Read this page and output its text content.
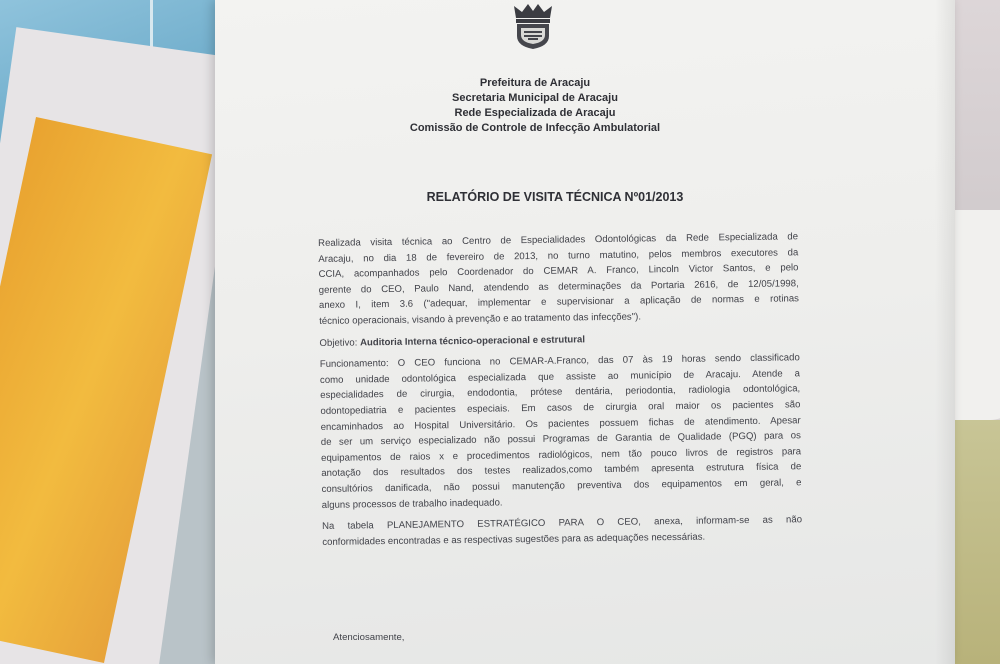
Prefeitura de Aracaju
Secretaria Municipal de Aracaju
Rede Especializada de Aracaju
Comissão de Controle de Infecção Ambulatorial
RELATÓRIO DE VISITA TÉCNICA Nº01/2013
Realizada visita técnica ao Centro de Especialidades Odontológicas da Rede Especializada de
Aracaju, no dia 18 de fevereiro de 2013, no turno matutino, pelos membros executores da
CCIA, acompanhados pelo Coordenador do CEMAR A. Franco, Lincoln Victor Santos, e pelo
gerente do CEO, Paulo Nand, atendendo as determinações da Portaria 2616, de 12/05/1998,
anexo I, item 3.6 ("adequar, implementar e supervisionar a aplicação de normas e rotinas
técnico operacionais, visando à prevenção e ao tratamento das infecções").
Objetivo: Auditoria Interna técnico-operacional e estrutural
Funcionamento: O CEO funciona no CEMAR-A.Franco, das 07 às 19 horas sendo classificado
como unidade odontológica especializada que assiste ao município de Aracaju. Atende a
especialidades de cirurgia, endodontia, prótese dentária, periodontia, radiologia odontológica,
odontopediatria e pacientes especiais. Em casos de cirurgia oral maior os pacientes são
encaminhados ao Hospital Universitário. Os pacientes possuem fichas de atendimento. Apesar
de ser um serviço especializado não possui Programas de Garantia de Qualidade (PGQ) para os
equipamentos de raios x e procedimentos radiológicos, nem tão pouco livros de registros para
anotação dos resultados dos testes realizados,como também apresenta estrutura física de
consultórios danificada, não possui manutenção preventiva dos equipamentos em geral, e
alguns processos de trabalho inadequado.
Na tabela PLANEJAMENTO ESTRATÉGICO PARA O CEO, anexa, informam-se as não
conformidades encontradas e as respectivas sugestões para as adequações necessárias.
Atenciosamente,
